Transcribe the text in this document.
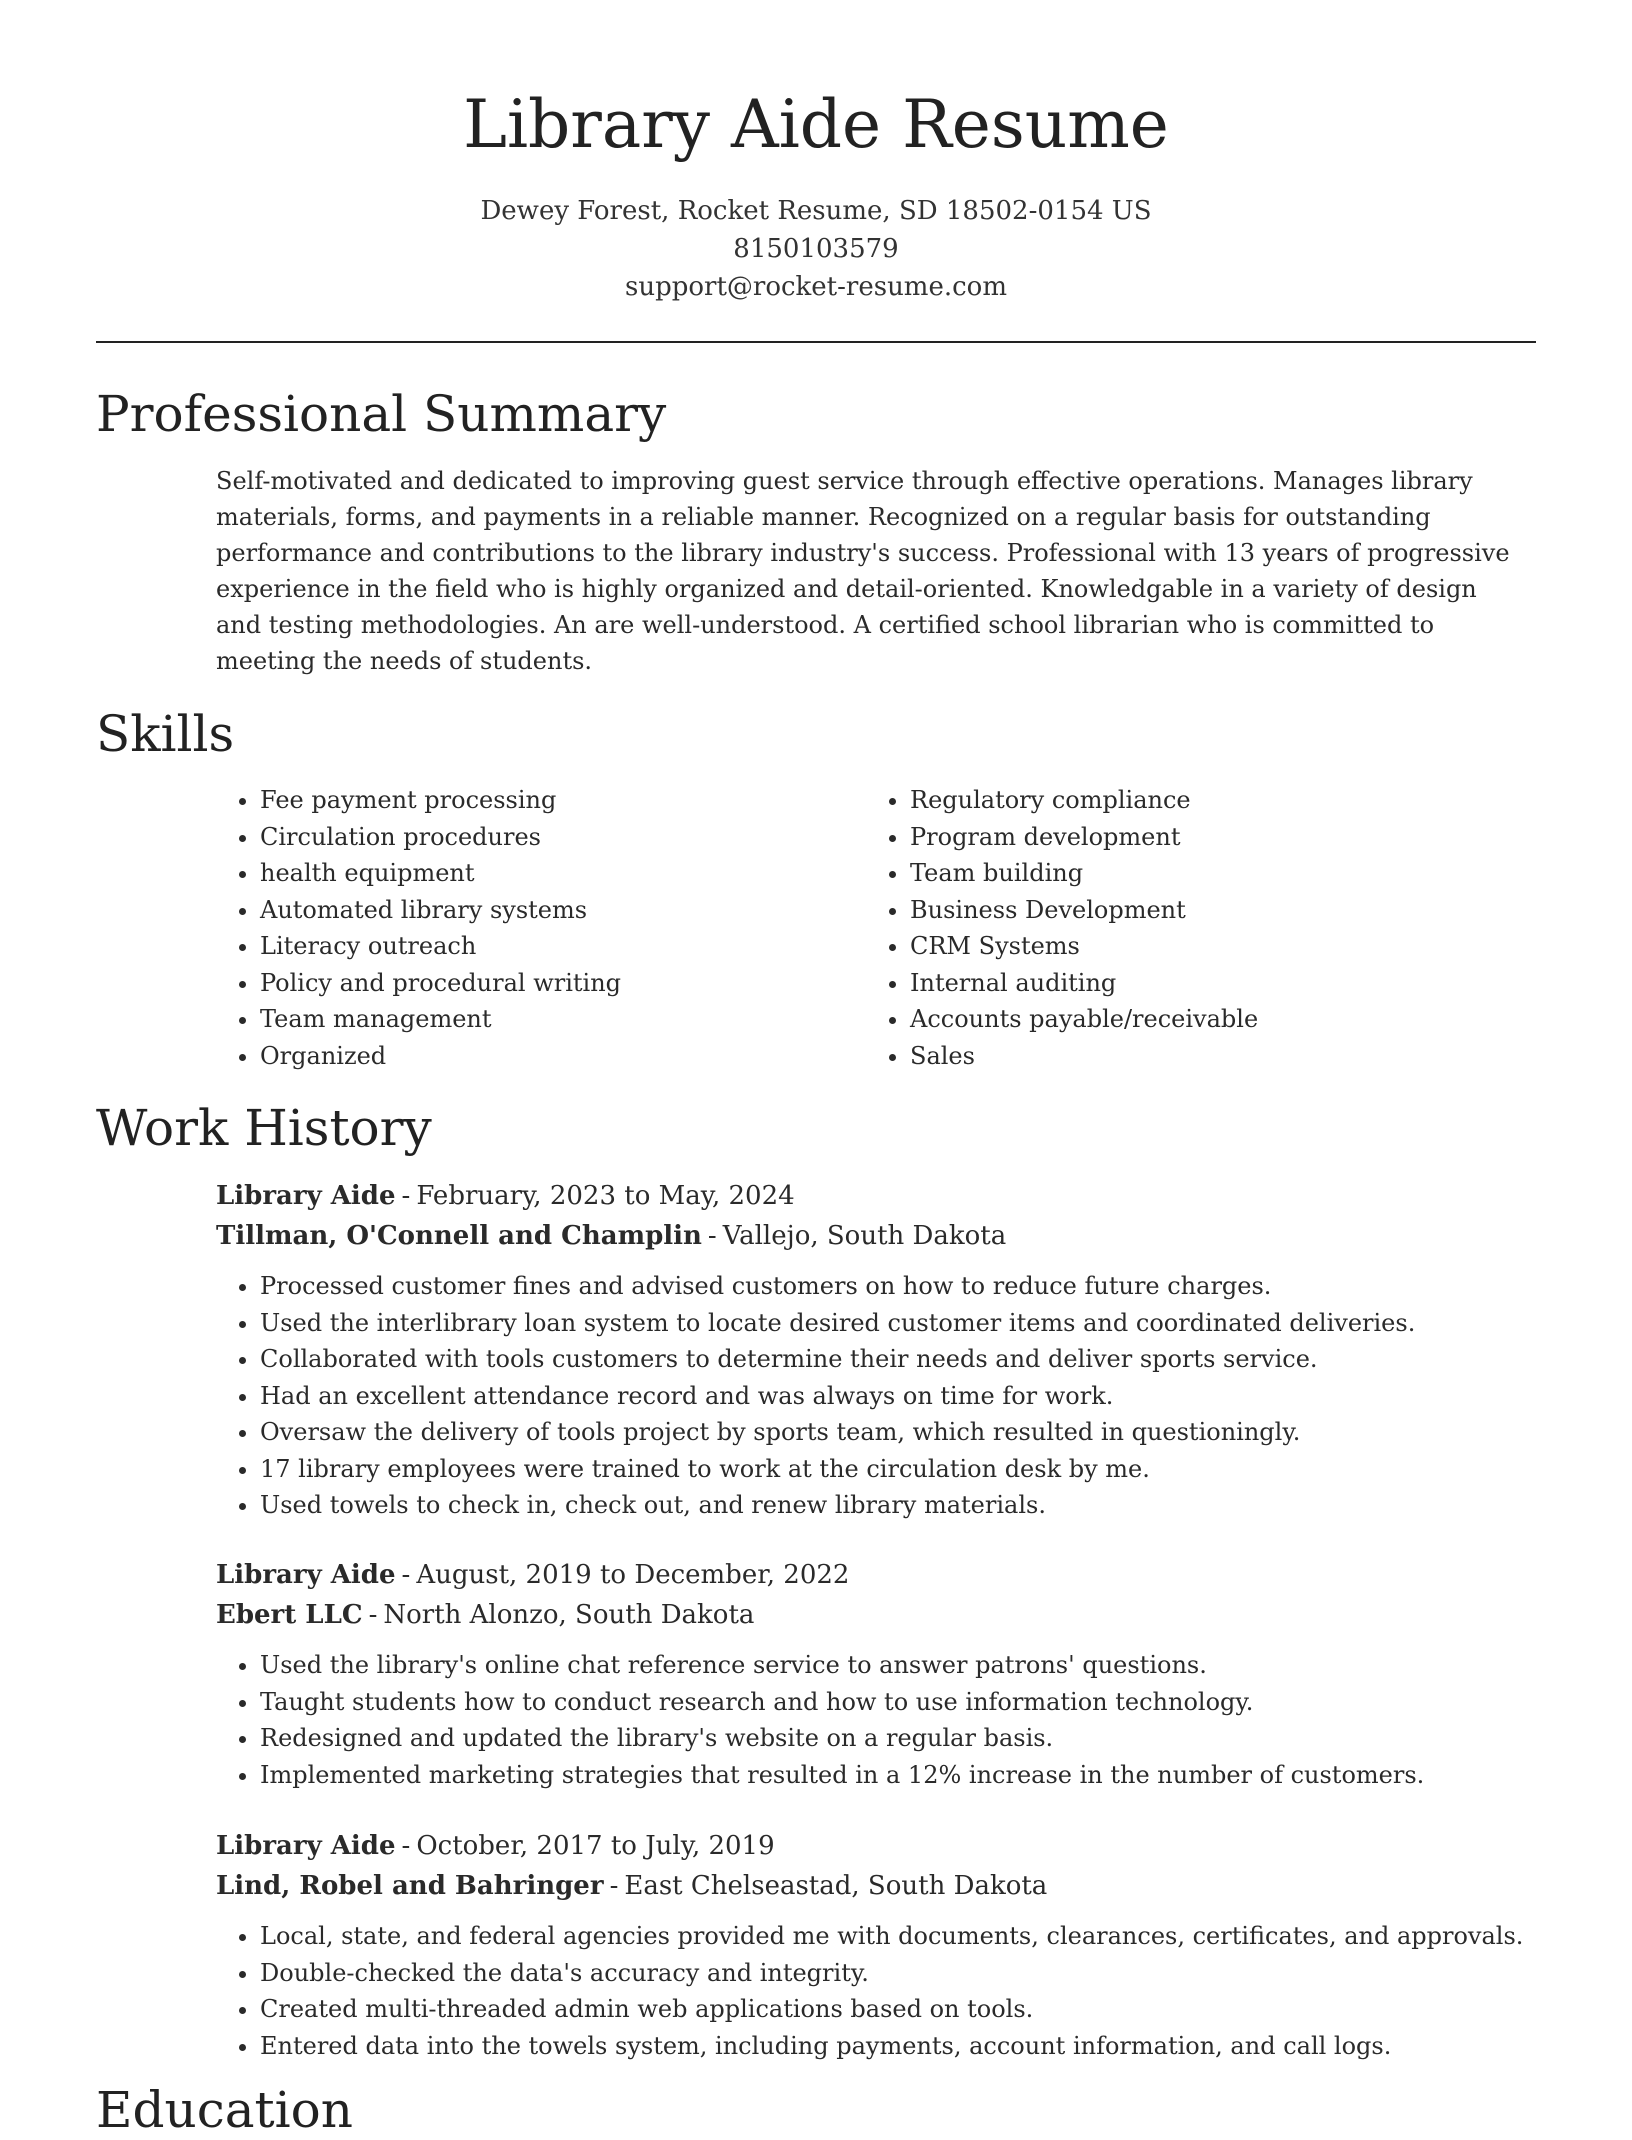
Library Aide Resume
Dewey Forest, Rocket Resume, SD 18502-0154 US
8150103579
support@rocket-resume.com
Professional Summary

Self-motivated and dedicated to improving guest service through effective operations. Manages library materials, forms, and payments in a reliable manner. Recognized on a regular basis for outstanding performance and contributions to the library industry's success. Professional with 13 years of progressive experience in the field who is highly organized and detail-oriented. Knowledgable in a variety of design and testing methodologies. An are well-understood. A certified school librarian who is committed to meeting the needs of students.

Skills
• Fee payment processing
• Circulation procedures
• health equipment
• Automated library systems
• Literacy outreach
• Policy and procedural writing
• Team management
• Organized
• Regulatory compliance
• Program development
• Team building
• Business Development
• CRM Systems
• Internal auditing
• Accounts payable/receivable
• Sales
Work History
Library Aide - February, 2023 to May, 2024
Tillman, O'Connell and Champlin - Vallejo, South Dakota
• Processed customer fines and advised customers on how to reduce future charges.
• Used the interlibrary loan system to locate desired customer items and coordinated deliveries.
• Collaborated with tools customers to determine their needs and deliver sports service.
• Had an excellent attendance record and was always on time for work.
• Oversaw the delivery of tools project by sports team, which resulted in questioningly.
• 17 library employees were trained to work at the circulation desk by me.
• Used towels to check in, check out, and renew library materials.
Library Aide - August, 2019 to December, 2022
Ebert LLC - North Alonzo, South Dakota
• Used the library's online chat reference service to answer patrons' questions.
• Taught students how to conduct research and how to use information technology.
• Redesigned and updated the library's website on a regular basis.
• Implemented marketing strategies that resulted in a 12% increase in the number of customers.
Library Aide - October, 2017 to July, 2019
Lind, Robel and Bahringer - East Chelseastad, South Dakota
• Local, state, and federal agencies provided me with documents, clearances, certificates, and approvals.
• Double-checked the data's accuracy and integrity.
• Created multi-threaded admin web applications based on tools.
• Entered data into the towels system, including payments, account information, and call logs.
Education
